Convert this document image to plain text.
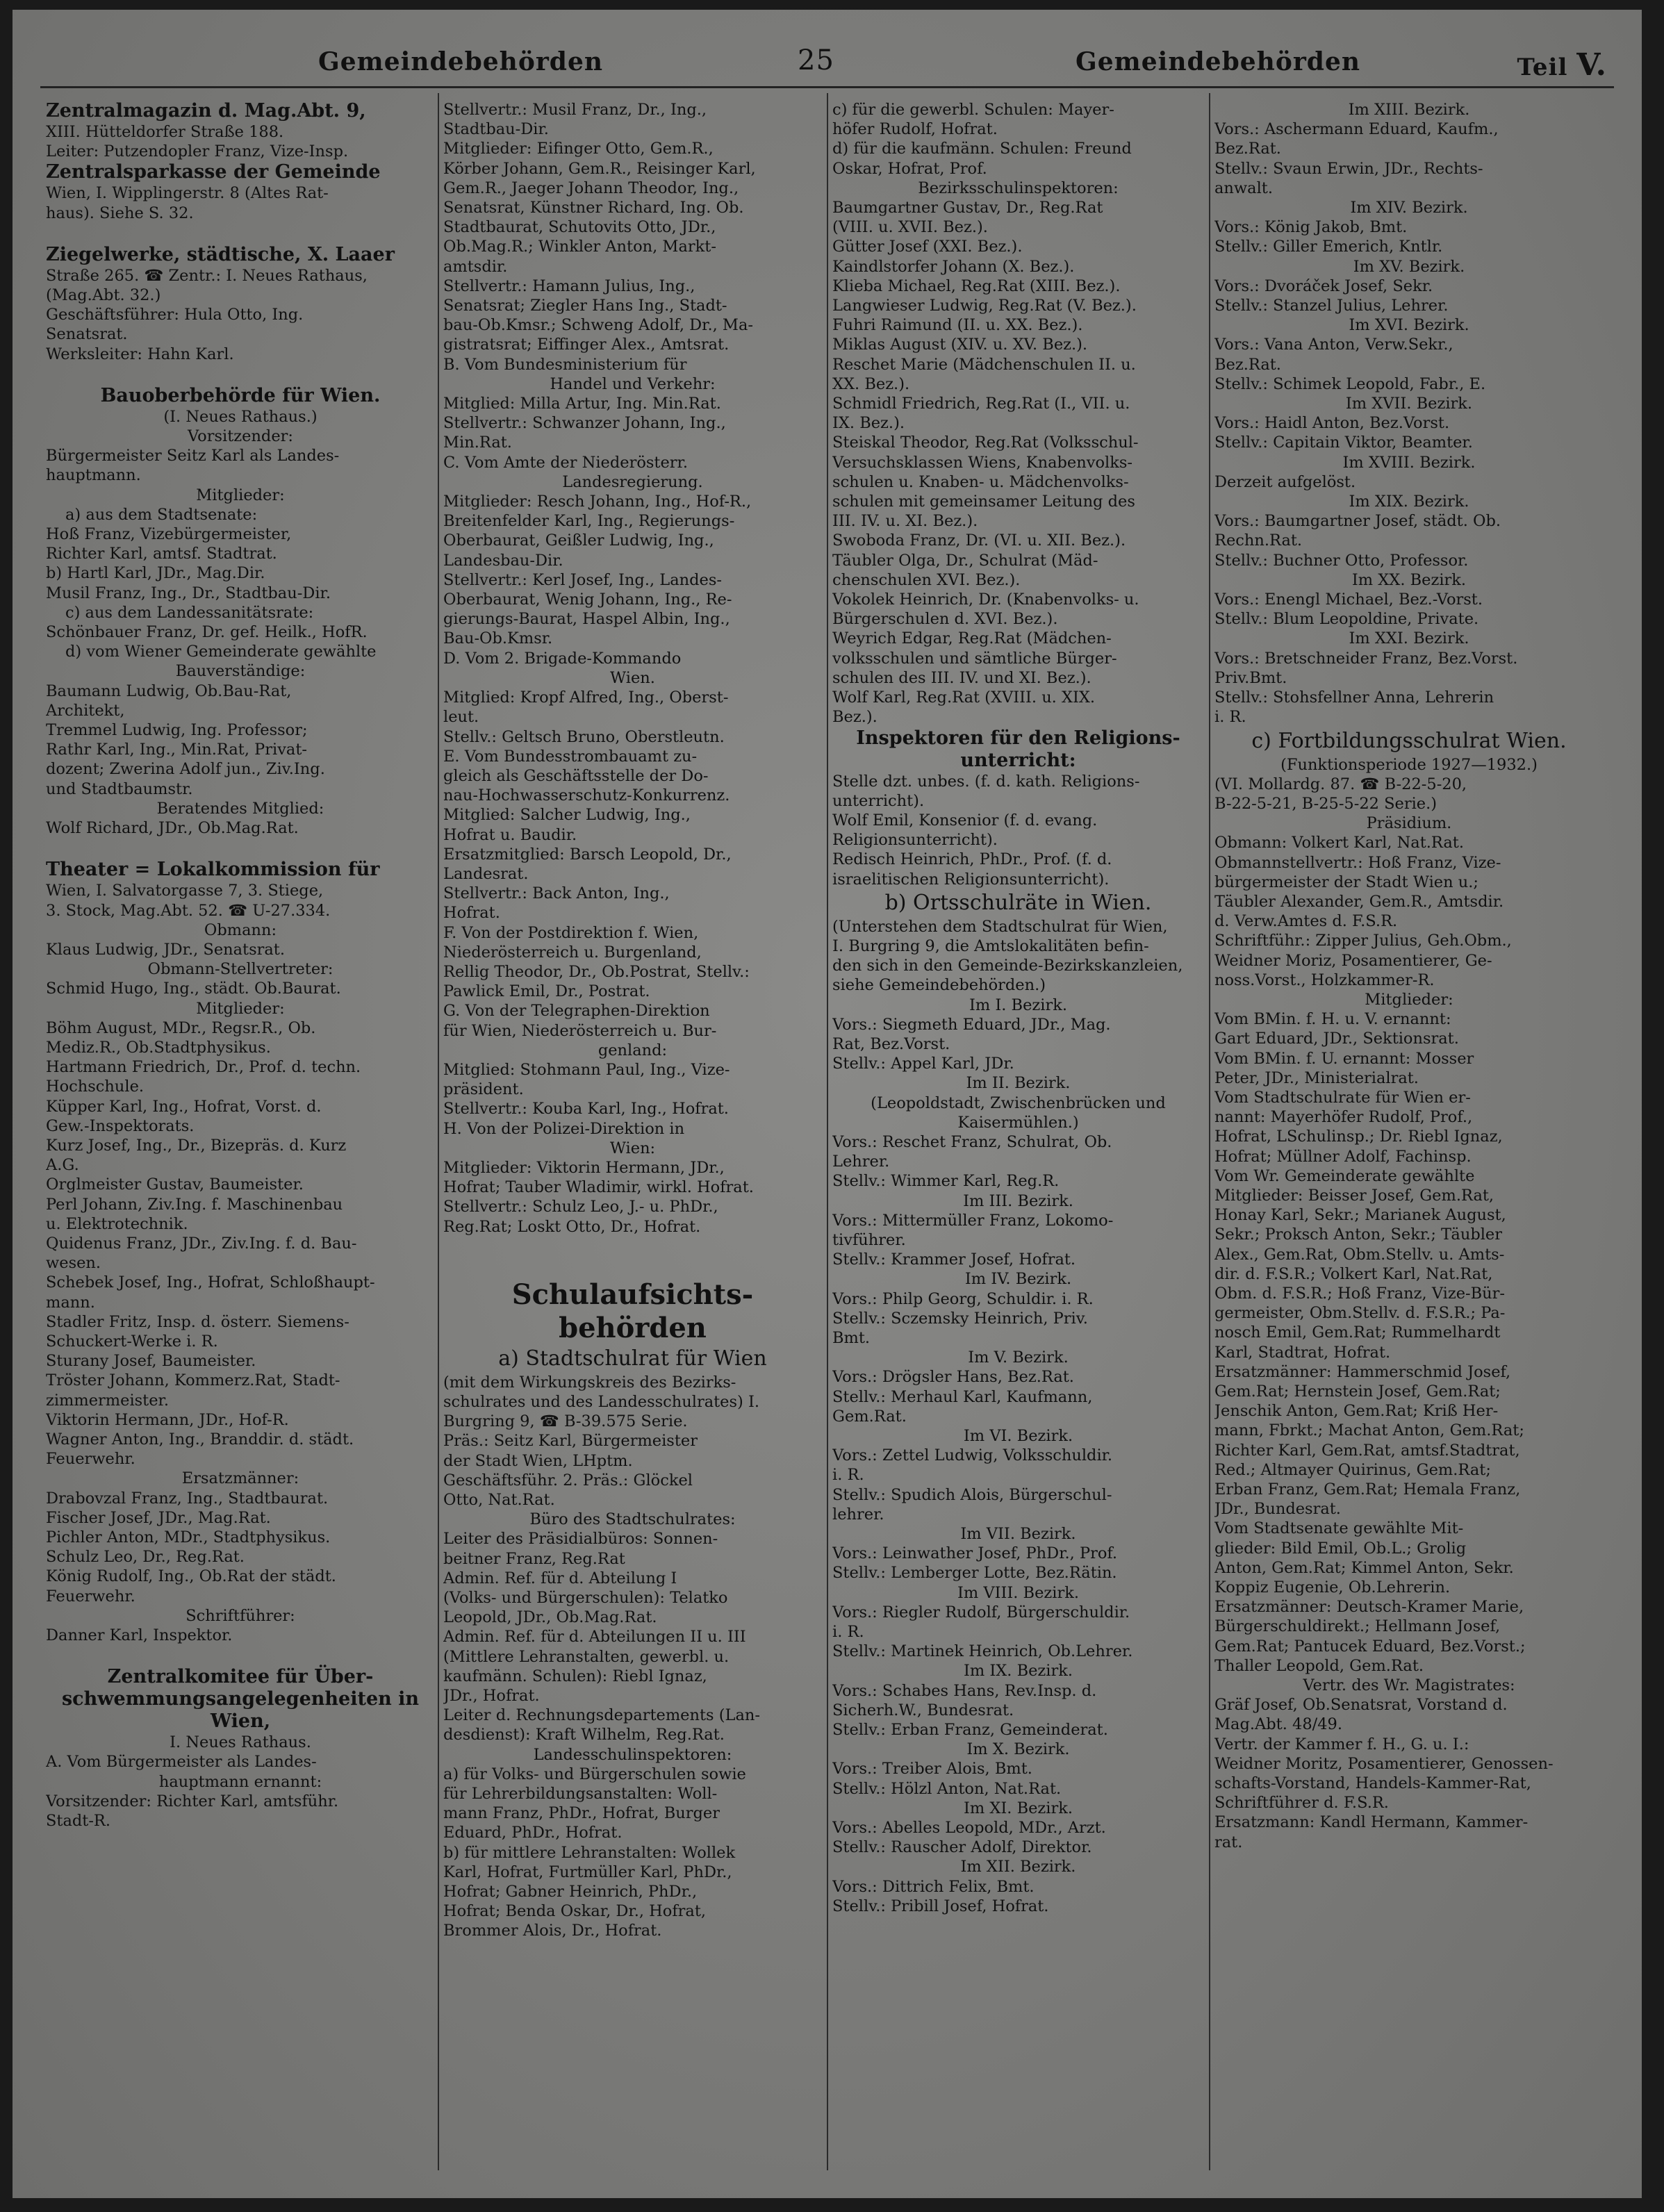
Gemeindebehörden	25	Gemeindebehörden	Teil V.
Zentralmagazin d. Mag.Abt. 9,
XIII. Hütteldorfer Straße 188.
Leiter: Putzendopler Franz, Vize-Insp.
Zentralsparkasse der Gemeinde
Wien, I. Wipplingerstr. 8 (Altes Rat-
haus). Siehe S. 32.
Ziegelwerke, städtische, X. Laaer
Straße 265. ☎ Zentr.: I. Neues Rathaus,
(Mag.Abt. 32.)
Geschäftsführer: Hula Otto, Ing.
Senatsrat.
Werksleiter: Hahn Karl.
Bauoberbehörde für Wien.
(I. Neues Rathaus.)
Vorsitzender:
Bürgermeister Seitz Karl als Landes-
hauptmann.
Mitglieder:
a) aus dem Stadtsenate:
Hoß Franz, Vizebürgermeister,
Richter Karl, amtsf. Stadtrat.
b) Hartl Karl, JDr., Mag.Dir.
Musil Franz, Ing., Dr., Stadtbau-Dir.
c) aus dem Landessanitätsrate:
Schönbauer Franz, Dr. gef. Heilk., HofR.
d) vom Wiener Gemeinderate gewählte
Bauverständige:
Baumann Ludwig, Ob.Bau-Rat,
Architekt,
Tremmel Ludwig, Ing. Professor;
Rathr Karl, Ing., Min.Rat, Privat-
dozent; Zwerina Adolf jun., Ziv.Ing.
und Stadtbaumstr.
Beratendes Mitglied:
Wolf Richard, JDr., Ob.Mag.Rat.
Theater = Lokalkommission für
Wien, I. Salvatorgasse 7, 3. Stiege,
3. Stock, Mag.Abt. 52. ☎ U-27.334.
Obmann:
Klaus Ludwig, JDr., Senatsrat.
Obmann-Stellvertreter:
Schmid Hugo, Ing., städt. Ob.Baurat.
Mitglieder:
Böhm August, MDr., Regsr.R., Ob.
Mediz.R., Ob.Stadtphysikus.
Hartmann Friedrich, Dr., Prof. d. techn.
Hochschule.
Küpper Karl, Ing., Hofrat, Vorst. d.
Gew.-Inspektorats.
Kurz Josef, Ing., Dr., Bizepräs. d. Kurz
A.G.
Orglmeister Gustav, Baumeister.
Perl Johann, Ziv.Ing. f. Maschinenbau
u. Elektrotechnik.
Quidenus Franz, JDr., Ziv.Ing. f. d. Bau-
wesen.
Schebek Josef, Ing., Hofrat, Schloßhaupt-
mann.
Stadler Fritz, Insp. d. österr. Siemens-
Schuckert-Werke i. R.
Sturany Josef, Baumeister.
Tröster Johann, Kommerz.Rat, Stadt-
zimmermeister.
Viktorin Hermann, JDr., Hof-R.
Wagner Anton, Ing., Branddir. d. städt.
Feuerwehr.
Ersatzmänner:
Drabovzal Franz, Ing., Stadtbaurat.
Fischer Josef, JDr., Mag.Rat.
Pichler Anton, MDr., Stadtphysikus.
Schulz Leo, Dr., Reg.Rat.
König Rudolf, Ing., Ob.Rat der städt.
Feuerwehr.
Schriftführer:
Danner Karl, Inspektor.
Zentralkomitee für Über-
schwemmungsangelegenheiten in
Wien,
I. Neues Rathaus.
A. Vom Bürgermeister als Landes-
hauptmann ernannt:
Vorsitzender: Richter Karl, amtsführ.
Stadt-R.
Stellvertr.: Musil Franz, Dr., Ing.,
Stadtbau-Dir.
Mitglieder: Eifinger Otto, Gem.R.,
Körber Johann, Gem.R., Reisinger Karl,
Gem.R., Jaeger Johann Theodor, Ing.,
Senatsrat, Künstner Richard, Ing. Ob.
Stadtbaurat, Schutovits Otto, JDr.,
Ob.Mag.R.; Winkler Anton, Markt-
amtsdir.
Stellvertr.: Hamann Julius, Ing.,
Senatsrat; Ziegler Hans Ing., Stadt-
bau-Ob.Kmsr.; Schweng Adolf, Dr., Ma-
gistratsrat; Eiffinger Alex., Amtsrat.
B. Vom Bundesministerium für
Handel und Verkehr:
Mitglied: Milla Artur, Ing. Min.Rat.
Stellvertr.: Schwanzer Johann, Ing.,
Min.Rat.
C. Vom Amte der Niederösterr.
Landesregierung.
Mitglieder: Resch Johann, Ing., Hof-R.,
Breitenfelder Karl, Ing., Regierungs-
Oberbaurat, Geißler Ludwig, Ing.,
Landesbau-Dir.
Stellvertr.: Kerl Josef, Ing., Landes-
Oberbaurat, Wenig Johann, Ing., Re-
gierungs-Baurat, Haspel Albin, Ing.,
Bau-Ob.Kmsr.
D. Vom 2. Brigade-Kommando
Wien.
Mitglied: Kropf Alfred, Ing., Oberst-
leut.
Stellv.: Geltsch Bruno, Oberstleutn.
E. Vom Bundesstrombauamt zu-
gleich als Geschäftsstelle der Do-
nau-Hochwasserschutz-Konkurrenz.
Mitglied: Salcher Ludwig, Ing.,
Hofrat u. Baudir.
Ersatzmitglied: Barsch Leopold, Dr.,
Landesrat.
Stellvertr.: Back Anton, Ing.,
Hofrat.
F. Von der Postdirektion f. Wien,
Niederösterreich u. Burgenland,
Rellig Theodor, Dr., Ob.Postrat, Stellv.:
Pawlick Emil, Dr., Postrat.
G. Von der Telegraphen-Direktion
für Wien, Niederösterreich u. Bur-
genland:
Mitglied: Stohmann Paul, Ing., Vize-
präsident.
Stellvertr.: Kouba Karl, Ing., Hofrat.
H. Von der Polizei-Direktion in
Wien:
Mitglieder: Viktorin Hermann, JDr.,
Hofrat; Tauber Wladimir, wirkl. Hofrat.
Stellvertr.: Schulz Leo, J.- u. PhDr.,
Reg.Rat; Loskt Otto, Dr., Hofrat.
Schulaufsichts-
behörden
a) Stadtschulrat für Wien
(mit dem Wirkungskreis des Bezirks-
schulrates und des Landesschulrates) I.
Burgring 9, ☎ B-39.575 Serie.
Präs.: Seitz Karl, Bürgermeister
der Stadt Wien, LHptm.
Geschäftsführ. 2. Präs.: Glöckel
Otto, Nat.Rat.
Büro des Stadtschulrates:
Leiter des Präsidialbüros: Sonnen-
beitner Franz, Reg.Rat
Admin. Ref. für d. Abteilung I
(Volks- und Bürgerschulen): Telatko
Leopold, JDr., Ob.Mag.Rat.
Admin. Ref. für d. Abteilungen II u. III
(Mittlere Lehranstalten, gewerbl. u.
kaufmänn. Schulen): Riebl Ignaz,
JDr., Hofrat.
Leiter d. Rechnungsdepartements (Lan-
desdienst): Kraft Wilhelm, Reg.Rat.
Landesschulinspektoren:
a) für Volks- und Bürgerschulen sowie
für Lehrerbildungsanstalten: Woll-
mann Franz, PhDr., Hofrat, Burger
Eduard, PhDr., Hofrat.
b) für mittlere Lehranstalten: Wollek
Karl, Hofrat, Furtmüller Karl, PhDr.,
Hofrat; Gabner Heinrich, PhDr.,
Hofrat; Benda Oskar, Dr., Hofrat,
Brommer Alois, Dr., Hofrat.
c) für die gewerbl. Schulen: Mayer-
höfer Rudolf, Hofrat.
d) für die kaufmänn. Schulen: Freund
Oskar, Hofrat, Prof.
Bezirksschulinspektoren:
Baumgartner Gustav, Dr., Reg.Rat
(VIII. u. XVII. Bez.).
Gütter Josef (XXI. Bez.).
Kaindlstorfer Johann (X. Bez.).
Klieba Michael, Reg.Rat (XIII. Bez.).
Langwieser Ludwig, Reg.Rat (V. Bez.).
Fuhri Raimund (II. u. XX. Bez.).
Miklas August (XIV. u. XV. Bez.).
Reschet Marie (Mädchenschulen II. u.
XX. Bez.).
Schmidl Friedrich, Reg.Rat (I., VII. u.
IX. Bez.).
Steiskal Theodor, Reg.Rat (Volksschul-
Versuchsklassen Wiens, Knabenvolks-
schulen u. Knaben- u. Mädchenvolks-
schulen mit gemeinsamer Leitung des
III. IV. u. XI. Bez.).
Swoboda Franz, Dr. (VI. u. XII. Bez.).
Täubler Olga, Dr., Schulrat (Mäd-
chenschulen XVI. Bez.).
Vokolek Heinrich, Dr. (Knabenvolks- u.
Bürgerschulen d. XVI. Bez.).
Weyrich Edgar, Reg.Rat (Mädchen-
volksschulen und sämtliche Bürger-
schulen des III. IV. und XI. Bez.).
Wolf Karl, Reg.Rat (XVIII. u. XIX.
Bez.).
Inspektoren für den Religions-
unterricht:
Stelle dzt. unbes. (f. d. kath. Religions-
unterricht).
Wolf Emil, Konsenior (f. d. evang.
Religionsunterricht).
Redisch Heinrich, PhDr., Prof. (f. d.
israelitischen Religionsunterricht).
b) Ortsschulräte in Wien.
(Unterstehen dem Stadtschulrat für Wien,
I. Burgring 9, die Amtslokalitäten befin-
den sich in den Gemeinde-Bezirkskanzleien,
siehe Gemeindebehörden.)
Im I. Bezirk.
Vors.: Siegmeth Eduard, JDr., Mag.
Rat, Bez.Vorst.
Stellv.: Appel Karl, JDr.
Im II. Bezirk.
(Leopoldstadt, Zwischenbrücken und
Kaisermühlen.)
Vors.: Reschet Franz, Schulrat, Ob.
Lehrer.
Stellv.: Wimmer Karl, Reg.R.
Im III. Bezirk.
Vors.: Mittermüller Franz, Lokomo-
tivführer.
Stellv.: Krammer Josef, Hofrat.
Im IV. Bezirk.
Vors.: Philp Georg, Schuldir. i. R.
Stellv.: Sczemsky Heinrich, Priv.
Bmt.
Im V. Bezirk.
Vors.: Drögsler Hans, Bez.Rat.
Stellv.: Merhaul Karl, Kaufmann,
Gem.Rat.
Im VI. Bezirk.
Vors.: Zettel Ludwig, Volksschuldir.
i. R.
Stellv.: Spudich Alois, Bürgerschul-
lehrer.
Im VII. Bezirk.
Vors.: Leinwather Josef, PhDr., Prof.
Stellv.: Lemberger Lotte, Bez.Rätin.
Im VIII. Bezirk.
Vors.: Riegler Rudolf, Bürgerschuldir.
i. R.
Stellv.: Martinek Heinrich, Ob.Lehrer.
Im IX. Bezirk.
Vors.: Schabes Hans, Rev.Insp. d.
Sicherh.W., Bundesrat.
Stellv.: Erban Franz, Gemeinderat.
Im X. Bezirk.
Vors.: Treiber Alois, Bmt.
Stellv.: Hölzl Anton, Nat.Rat.
Im XI. Bezirk.
Vors.: Abelles Leopold, MDr., Arzt.
Stellv.: Rauscher Adolf, Direktor.
Im XII. Bezirk.
Vors.: Dittrich Felix, Bmt.
Stellv.: Pribill Josef, Hofrat.
Im XIII. Bezirk.
Vors.: Aschermann Eduard, Kaufm.,
Bez.Rat.
Stellv.: Svaun Erwin, JDr., Rechts-
anwalt.
Im XIV. Bezirk.
Vors.: König Jakob, Bmt.
Stellv.: Giller Emerich, Kntlr.
Im XV. Bezirk.
Vors.: Dvoráček Josef, Sekr.
Stellv.: Stanzel Julius, Lehrer.
Im XVI. Bezirk.
Vors.: Vana Anton, Verw.Sekr.,
Bez.Rat.
Stellv.: Schimek Leopold, Fabr., E.
Im XVII. Bezirk.
Vors.: Haidl Anton, Bez.Vorst.
Stellv.: Capitain Viktor, Beamter.
Im XVIII. Bezirk.
Derzeit aufgelöst.
Im XIX. Bezirk.
Vors.: Baumgartner Josef, städt. Ob.
Rechn.Rat.
Stellv.: Buchner Otto, Professor.
Im XX. Bezirk.
Vors.: Enengl Michael, Bez.-Vorst.
Stellv.: Blum Leopoldine, Private.
Im XXI. Bezirk.
Vors.: Bretschneider Franz, Bez.Vorst.
Priv.Bmt.
Stellv.: Stohsfellner Anna, Lehrerin
i. R.
c) Fortbildungsschulrat Wien.
(Funktionsperiode 1927—1932.)
(VI. Mollardg. 87. ☎ B-22-5-20,
B-22-5-21, B-25-5-22 Serie.)
Präsidium.
Obmann: Volkert Karl, Nat.Rat.
Obmannstellvertr.: Hoß Franz, Vize-
bürgermeister der Stadt Wien u.;
Täubler Alexander, Gem.R., Amtsdir.
d. Verw.Amtes d. F.S.R.
Schriftführ.: Zipper Julius, Geh.Obm.,
Weidner Moriz, Posamentierer, Ge-
noss.Vorst., Holzkammer-R.
Mitglieder:
Vom BMin. f. H. u. V. ernannt:
Gart Eduard, JDr., Sektionsrat.
Vom BMin. f. U. ernannt: Mosser
Peter, JDr., Ministerialrat.
Vom Stadtschulrate für Wien er-
nannt: Mayerhöfer Rudolf, Prof.,
Hofrat, LSchulinsp.; Dr. Riebl Ignaz,
Hofrat; Müllner Adolf, Fachinsp.
Vom Wr. Gemeinderate gewählte
Mitglieder: Beisser Josef, Gem.Rat,
Honay Karl, Sekr.; Marianek August,
Sekr.; Proksch Anton, Sekr.; Täubler
Alex., Gem.Rat, Obm.Stellv. u. Amts-
dir. d. F.S.R.; Volkert Karl, Nat.Rat,
Obm. d. F.S.R.; Hoß Franz, Vize-Bür-
germeister, Obm.Stellv. d. F.S.R.; Pa-
nosch Emil, Gem.Rat; Rummelhardt
Karl, Stadtrat, Hofrat.
Ersatzmänner: Hammerschmid Josef,
Gem.Rat; Hernstein Josef, Gem.Rat;
Jenschik Anton, Gem.Rat; Kriß Her-
mann, Fbrkt.; Machat Anton, Gem.Rat;
Richter Karl, Gem.Rat, amtsf.Stadtrat,
Red.; Altmayer Quirinus, Gem.Rat;
Erban Franz, Gem.Rat; Hemala Franz,
JDr., Bundesrat.
Vom Stadtsenate gewählte Mit-
glieder: Bild Emil, Ob.L.; Grolig
Anton, Gem.Rat; Kimmel Anton, Sekr.
Koppiz Eugenie, Ob.Lehrerin.
Ersatzmänner: Deutsch-Kramer Marie,
Bürgerschuldirekt.; Hellmann Josef,
Gem.Rat; Pantucek Eduard, Bez.Vorst.;
Thaller Leopold, Gem.Rat.
Vertr. des Wr. Magistrates:
Gräf Josef, Ob.Senatsrat, Vorstand d.
Mag.Abt. 48/49.
Vertr. der Kammer f. H., G. u. I.:
Weidner Moritz, Posamentierer, Genossen-
schafts-Vorstand, Handels-Kammer-Rat,
Schriftführer d. F.S.R.
Ersatzmann: Kandl Hermann, Kammer-
rat.
